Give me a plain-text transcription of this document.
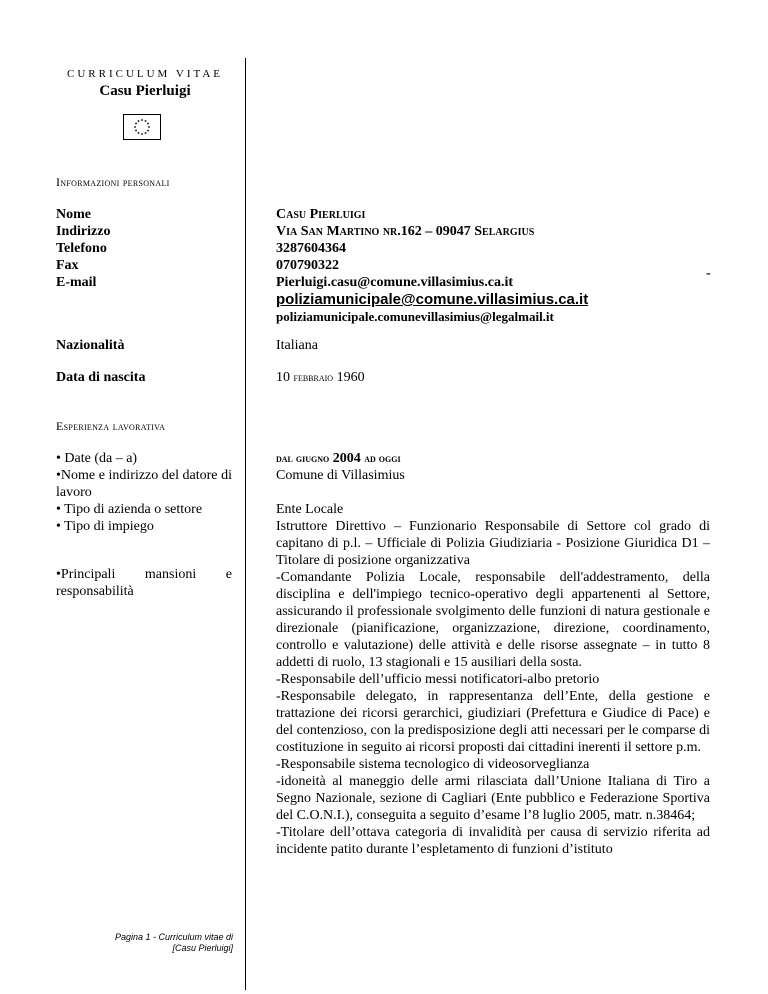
CURRICULUM VITAE
Casu Pierluigi
Informazioni personali
Nome
Indirizzo
Telefono
Fax
E-mail
Casu Pierluigi
Via San Martino nr.162 – 09047 Selargius
3287604364
070790322
Pierluigi.casu@comune.villasimius.ca.it
poliziamunicipale@comune.villasimius.ca.it
poliziamunicipale.comunevillasimius@legalmail.it
-
Nazionalità	Italiana
Data di nascita	10 febbraio 1960
Esperienza lavorativa

• Date (da – a)

•Nome e indirizzo del datore di lavoro

• Tipo di azienda o settore

• Tipo di impiego

•Principali mansioni e responsabilità

dal giugno 2004 ad oggi

Comune di Villasimius

Ente Locale

Istruttore Direttivo – Funzionario Responsabile di Settore col grado di capitano di p.l. – Ufficiale di Polizia Giudiziaria - Posizione Giuridica D1 – Titolare di posizione organizzativa

-Comandante Polizia Locale, responsabile dell'addestramento, della disciplina e dell'impiego tecnico-operativo degli appartenenti al Settore, assicurando il professionale svolgimento delle funzioni di natura gestionale e direzionale (pianificazione, organizzazione, direzione, coordinamento, controllo e valutazione) delle attività e delle risorse assegnate – in tutto 8 addetti di ruolo, 13 stagionali e 15 ausiliari della sosta.

-Responsabile dell’ufficio messi notificatori-albo pretorio

-Responsabile delegato, in rappresentanza dell’Ente, della gestione e trattazione dei ricorsi gerarchici, giudiziari (Prefettura e Giudice di Pace) e del contenzioso, con la predisposizione degli atti necessari per le comparse di costituzione in seguito ai ricorsi proposti dai cittadini inerenti il settore p.m.

-Responsabile sistema tecnologico di videosorveglianza

-idoneità al maneggio delle armi rilasciata dall’Unione Italiana di Tiro a Segno Nazionale, sezione di Cagliari (Ente pubblico e Federazione Sportiva del C.O.N.I.), conseguita a seguito d’esame l’8 luglio 2005, matr. n.38464;

-Titolare dell’ottava categoria di invalidità per causa di servizio riferita ad incidente patito durante l’espletamento di funzioni d’istituto

Pagina 1 - Curriculum vitae di
[Casu Pierluigi]
